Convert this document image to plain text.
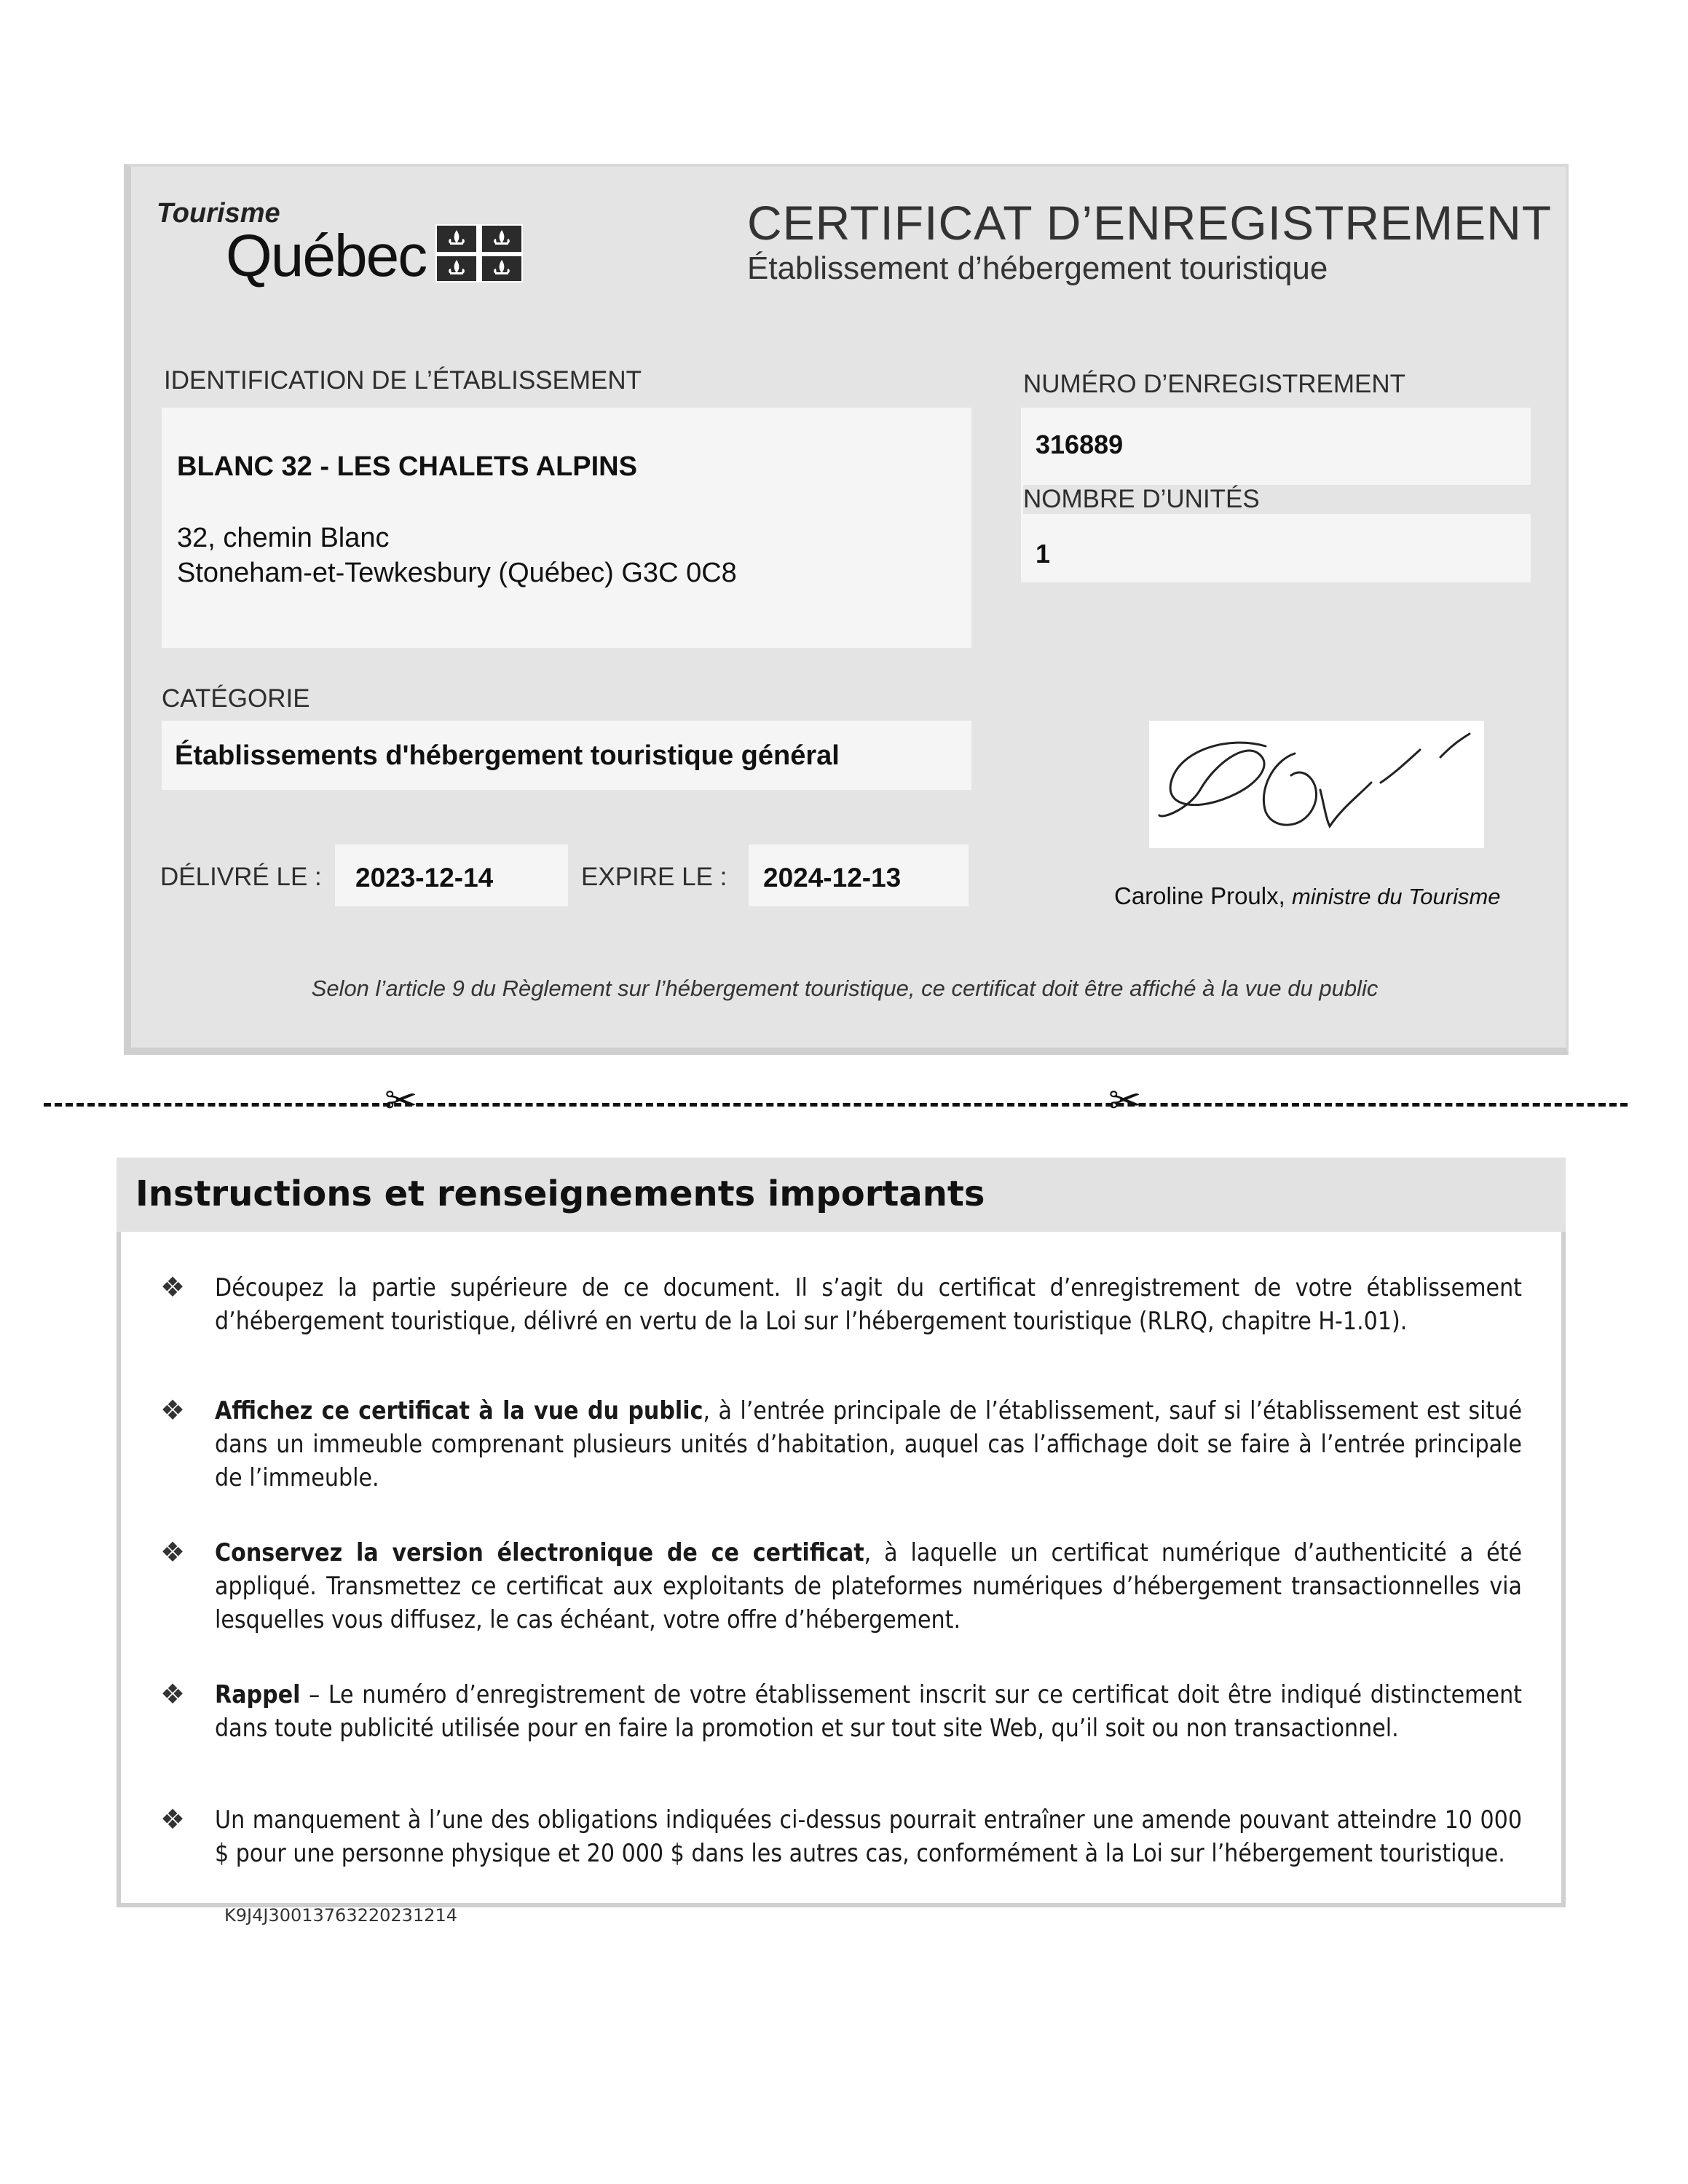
Tourisme
Québec	CERTIFICAT D’ENREGISTREMENT
Établissement d’hébergement touristique
IDENTIFICATION DE L’ÉTABLISSEMENT
BLANC 32 - LES CHALETS ALPINS
32, chemin Blanc
Stoneham-et-Tewkesbury (Québec) G3C 0C8
NUMÉRO D’ENREGISTREMENT
316889
NOMBRE D’UNITÉS
1
CATÉGORIE
Établissements d'hébergement touristique général
DÉLIVRÉ LE : 2023-12-14	EXPIRE LE : 2024-12-13
Caroline Proulx, ministre du Tourisme
Selon l’article 9 du Règlement sur l’hébergement touristique, ce certificat doit être affiché à la vue du public
✂	✂
Instructions et renseignements importants
❖ Découpez la partie supérieure de ce document. Il s’agit du certificat d’enregistrement de votre établissement d’hébergement touristique, délivré en vertu de la Loi sur l’hébergement touristique (RLRQ, chapitre H-1.01).

❖ Affichez ce certificat à la vue du public, à l’entrée principale de l’établissement, sauf si l’établissement est situé dans un immeuble comprenant plusieurs unités d’habitation, auquel cas l’affichage doit se faire à l’entrée principale de l’immeuble.

❖ Conservez la version électronique de ce certificat, à laquelle un certificat numérique d’authenticité a été appliqué. Transmettez ce certificat aux exploitants de plateformes numériques d’hébergement transactionnelles via lesquelles vous diffusez, le cas échéant, votre offre d’hébergement.

❖ Rappel – Le numéro d’enregistrement de votre établissement inscrit sur ce certificat doit être indiqué distinctement dans toute publicité utilisée pour en faire la promotion et sur tout site Web, qu’il soit ou non transactionnel.

❖ Un manquement à l’une des obligations indiquées ci-dessus pourrait entraîner une amende pouvant atteindre 10 000 $ pour une personne physique et 20 000 $ dans les autres cas, conformément à la Loi sur l’hébergement touristique.

K9J4J30013763220231214
